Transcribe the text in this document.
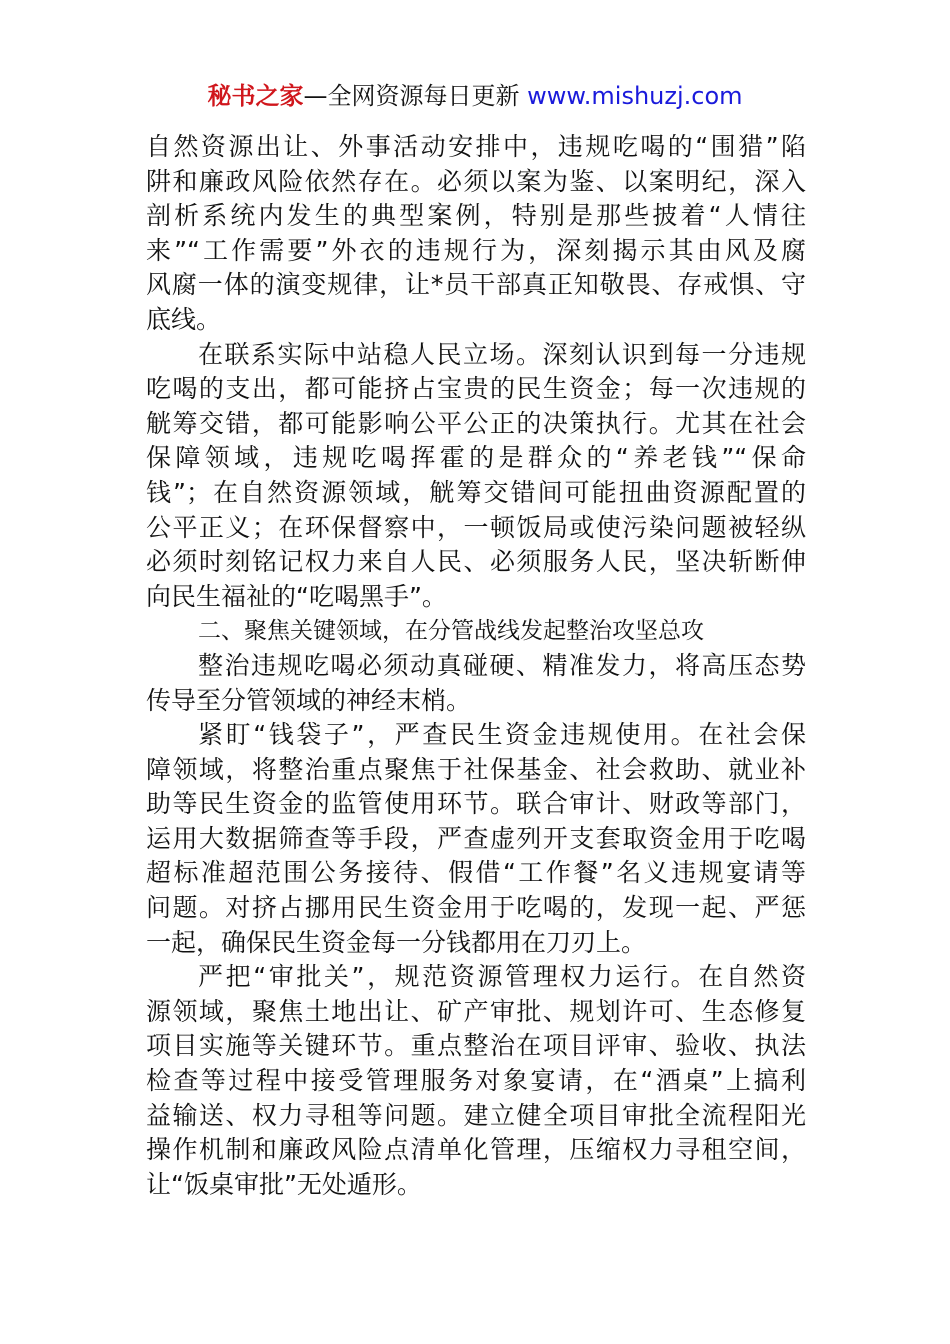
秘书之家—全网资源每日更新 www.mishuzj.com
自然资源出让、外事活动安排中，违规吃喝的“围猎”陷
阱和廉政风险依然存在。必须以案为鉴、以案明纪，深入
剖析系统内发生的典型案例，特别是那些披着“人情往
来”“工作需要”外衣的违规行为，深刻揭示其由风及腐
风腐一体的演变规律，让*员干部真正知敬畏、存戒惧、守
底线。
在联系实际中站稳人民立场。深刻认识到每一分违规
吃喝的支出，都可能挤占宝贵的民生资金；每一次违规的
觥筹交错，都可能影响公平公正的决策执行。尤其在社会
保障领域，违规吃喝挥霍的是群众的“养老钱”“保命
钱”；在自然资源领域，觥筹交错间可能扭曲资源配置的
公平正义；在环保督察中，一顿饭局或使污染问题被轻纵
必须时刻铭记权力来自人民、必须服务人民，坚决斩断伸
向民生福祉的“吃喝黑手”。
二、聚焦关键领域，在分管战线发起整治攻坚总攻
整治违规吃喝必须动真碰硬、精准发力，将高压态势
传导至分管领域的神经末梢。
紧盯“钱袋子”，严查民生资金违规使用。在社会保
障领域，将整治重点聚焦于社保基金、社会救助、就业补
助等民生资金的监管使用环节。联合审计、财政等部门，
运用大数据筛查等手段，严查虚列开支套取资金用于吃喝
超标准超范围公务接待、假借“工作餐”名义违规宴请等
问题。对挤占挪用民生资金用于吃喝的，发现一起、严惩
一起，确保民生资金每一分钱都用在刀刃上。
严把“审批关”，规范资源管理权力运行。在自然资
源领域，聚焦土地出让、矿产审批、规划许可、生态修复
项目实施等关键环节。重点整治在项目评审、验收、执法
检查等过程中接受管理服务对象宴请，在“酒桌”上搞利
益输送、权力寻租等问题。建立健全项目审批全流程阳光
操作机制和廉政风险点清单化管理，压缩权力寻租空间，
让“饭桌审批”无处遁形。
